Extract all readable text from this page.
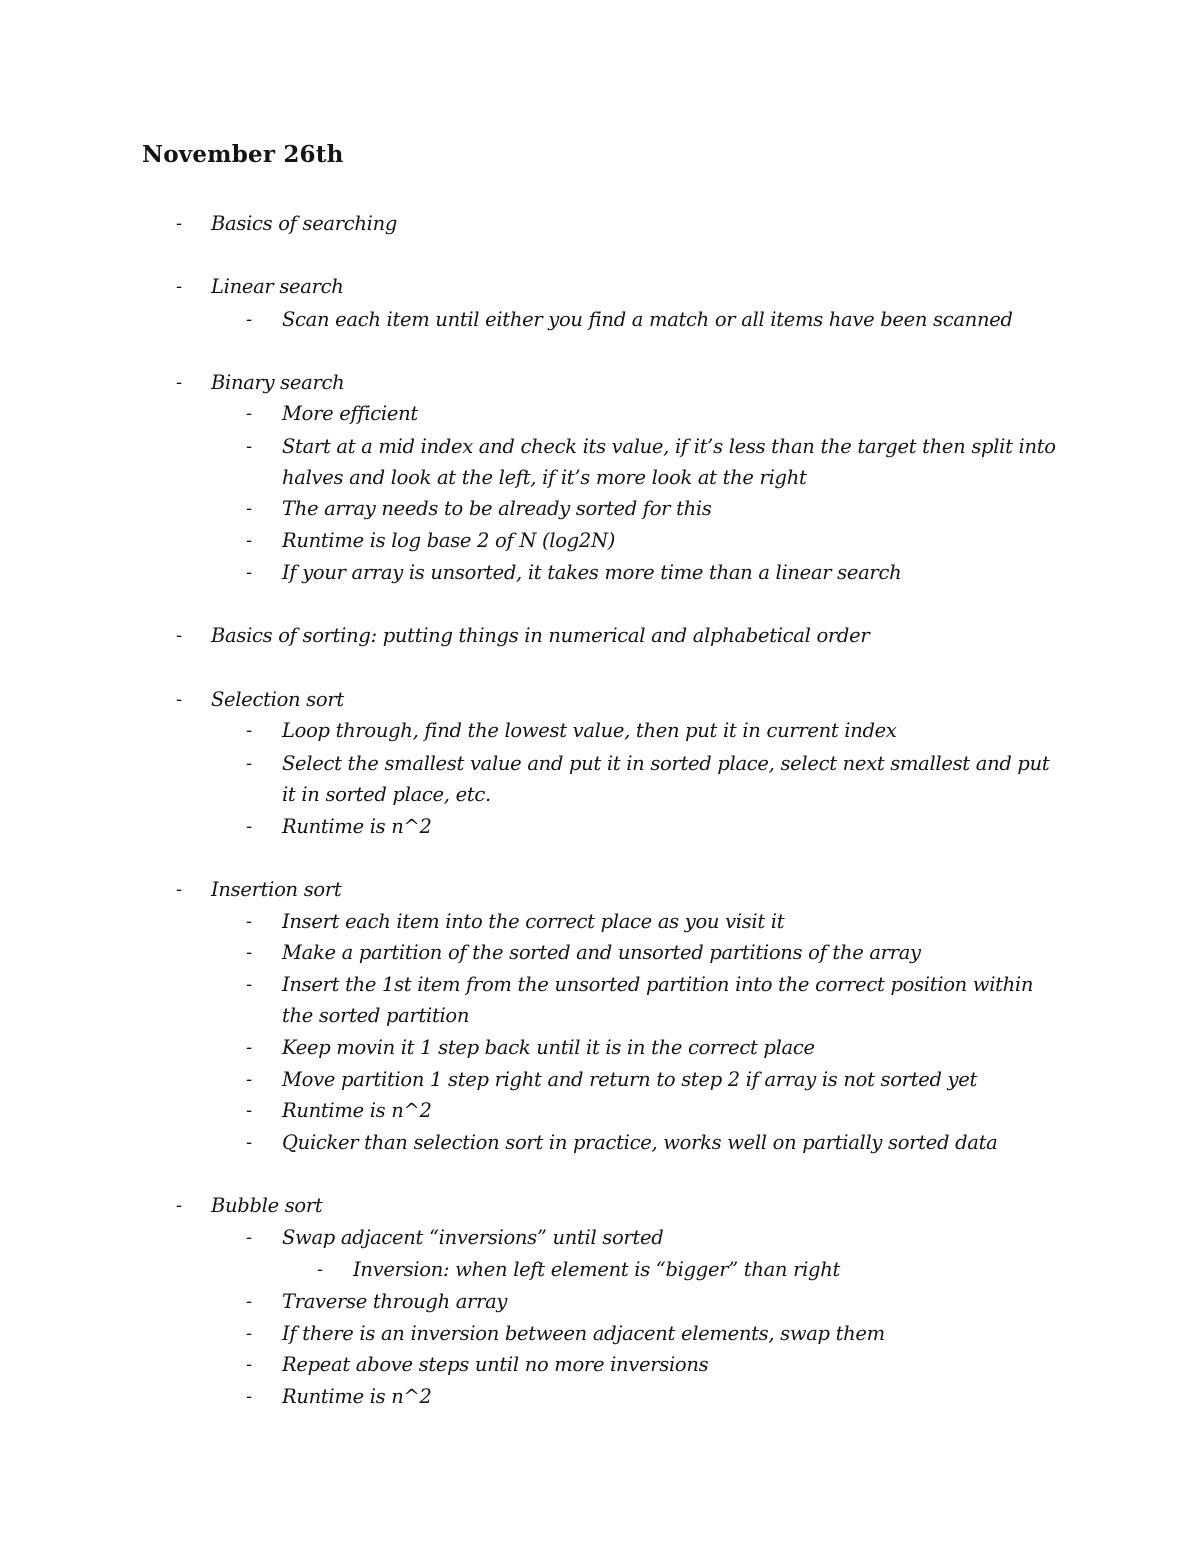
November 26th
- Basics of searching
- Linear search
- Scan each item until either you find a match or all items have been scanned
- Binary search
- More efficient
- Start at a mid index and check its value, if it’s less than the target then split into
halves and look at the left, if it’s more look at the right
- The array needs to be already sorted for this
- Runtime is log base 2 of N (log2N)
- If your array is unsorted, it takes more time than a linear search
- Basics of sorting: putting things in numerical and alphabetical order
- Selection sort
- Loop through, find the lowest value, then put it in current index
- Select the smallest value and put it in sorted place, select next smallest and put
it in sorted place, etc.
- Runtime is n^2
- Insertion sort
- Insert each item into the correct place as you visit it
- Make a partition of the sorted and unsorted partitions of the array
- Insert the 1st item from the unsorted partition into the correct position within
the sorted partition
- Keep movin it 1 step back until it is in the correct place
- Move partition 1 step right and return to step 2 if array is not sorted yet
- Runtime is n^2
- Quicker than selection sort in practice, works well on partially sorted data
- Bubble sort
- Swap adjacent “inversions” until sorted
- Inversion: when left element is “bigger” than right
- Traverse through array
- If there is an inversion between adjacent elements, swap them
- Repeat above steps until no more inversions
- Runtime is n^2
